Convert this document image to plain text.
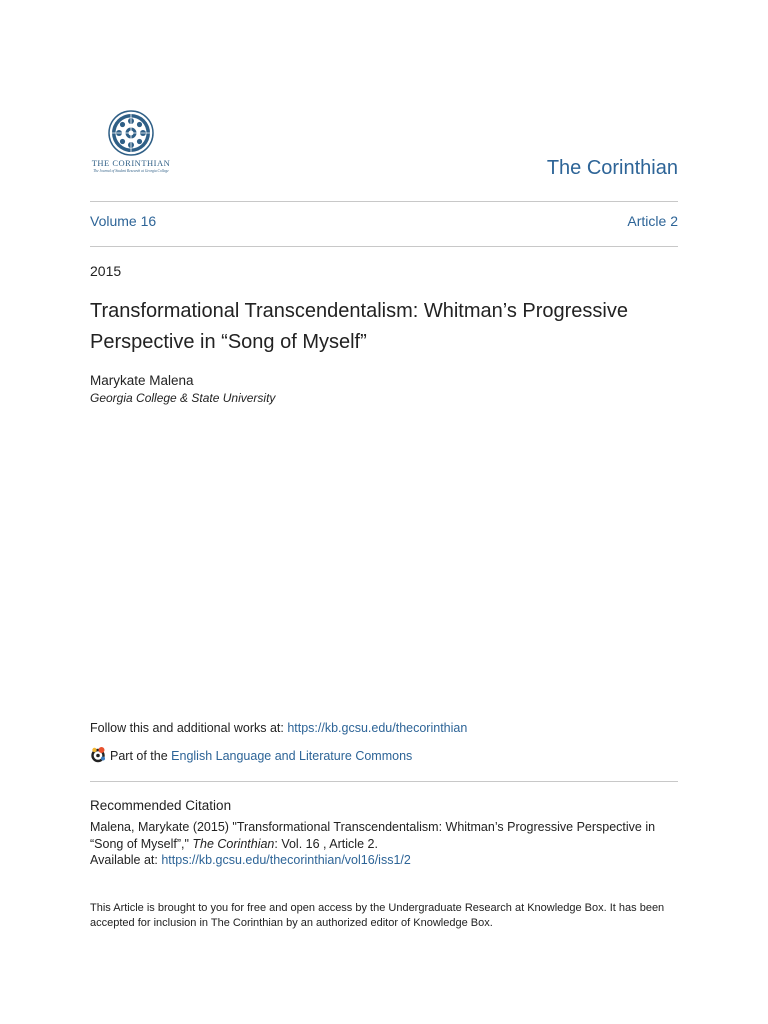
THE CORINTHIAN
The Journal of Student Research at Georgia College	The Corinthian
Volume 16	Article 2
2015
Transformational Transcendentalism: Whitman’s Progressive Perspective in “Song of Myself”
Marykate Malena
Georgia College & State University
Follow this and additional works at: https://kb.gcsu.edu/thecorinthian
Part of the English Language and Literature Commons
Recommended Citation
Malena, Marykate (2015) "Transformational Transcendentalism: Whitman’s Progressive Perspective in “Song of Myself”," The Corinthian: Vol. 16 , Article 2.
Available at: https://kb.gcsu.edu/thecorinthian/vol16/iss1/2
This Article is brought to you for free and open access by the Undergraduate Research at Knowledge Box. It has been accepted for inclusion in The Corinthian by an authorized editor of Knowledge Box.
